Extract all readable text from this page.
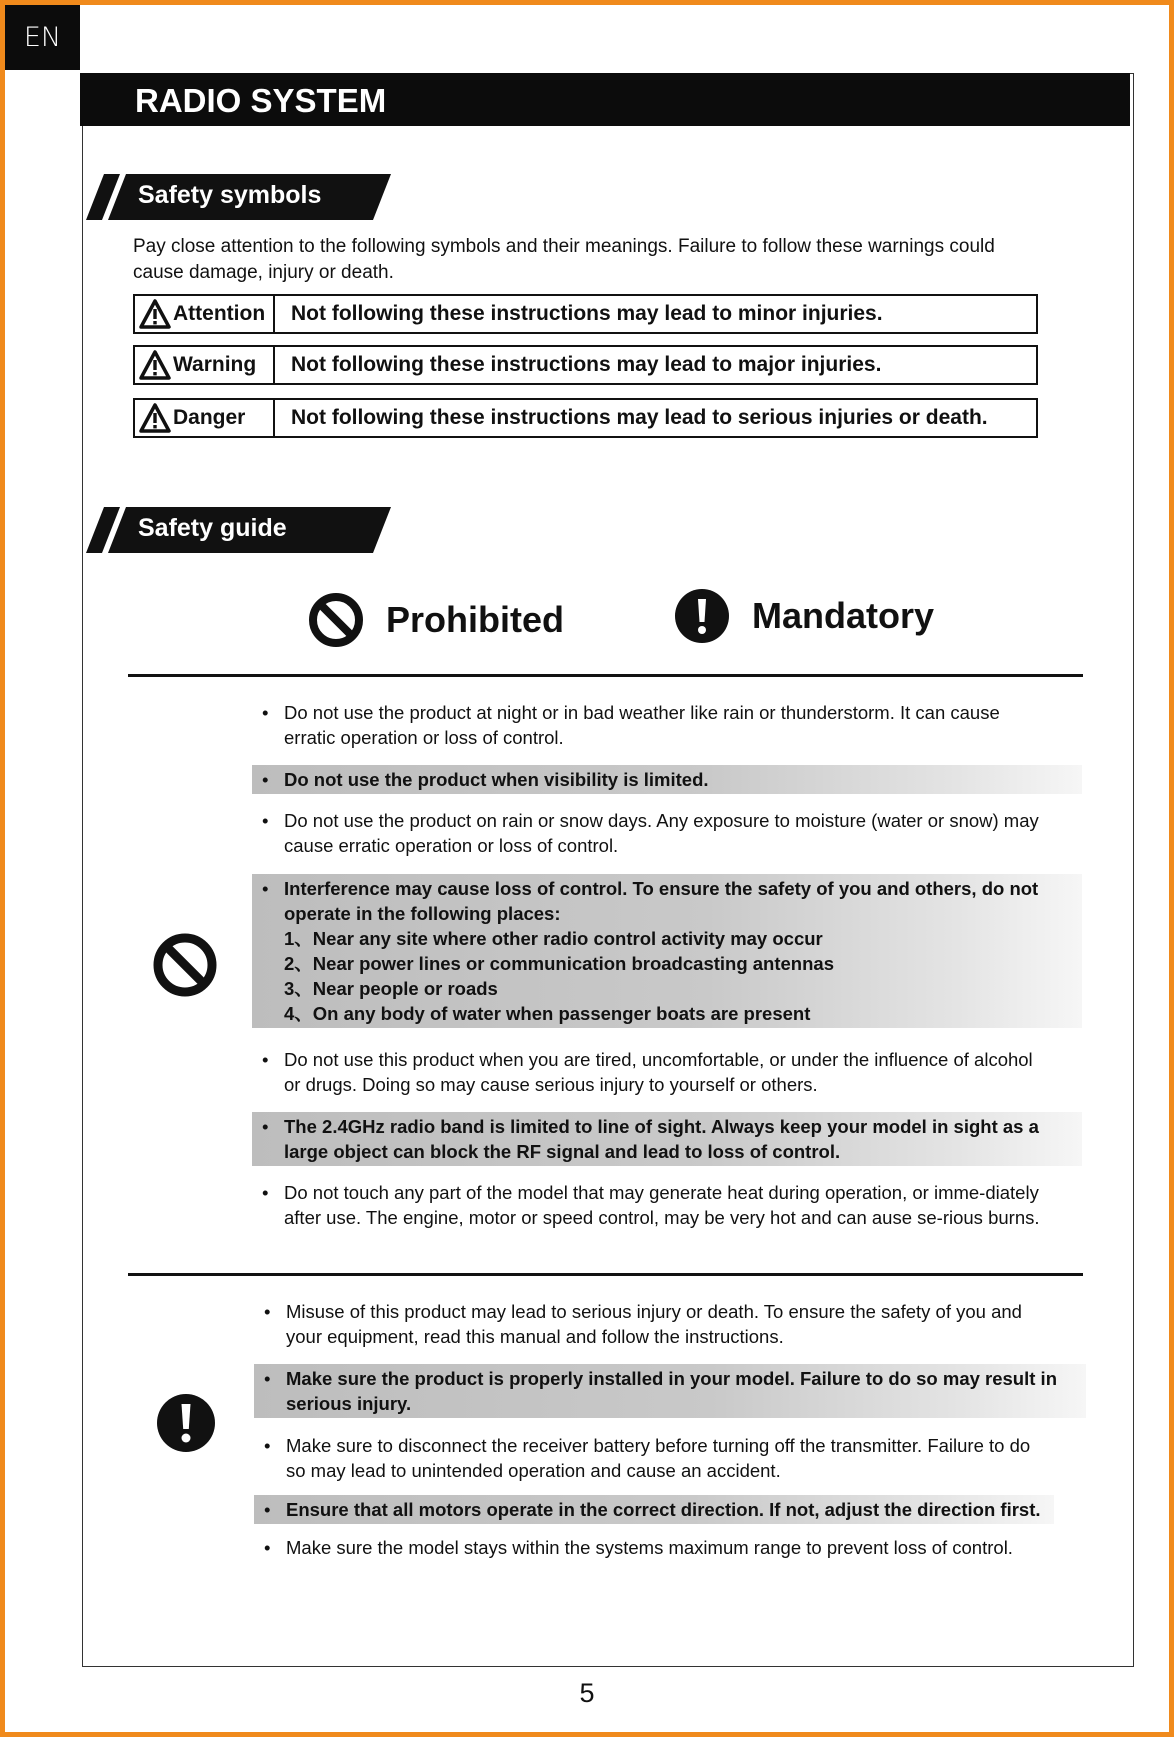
EN
RADIO SYSTEM
Safety symbols
Pay close attention to the following symbols and their meanings. Failure to follow these warnings could cause damage, injury or death.
Attention	Not following these instructions may lead to minor injuries.
Warning	Not following these instructions may lead to major injuries.
Danger	Not following these instructions may lead to serious injuries or death.
Safety guide
Prohibited	Mandatory
• Do not use the product at night or in bad weather like rain or thunderstorm. It can cause erratic operation or loss of control.
• Do not use the product when visibility is limited.
• Do not use the product on rain or snow days. Any exposure to moisture (water or snow) may cause erratic operation or loss of control.
• Interference may cause loss of control. To ensure the safety of you and others, do not operate in the following places:
1、Near any site where other radio control activity may occur
2、Near power lines or communication broadcasting antennas
3、Near people or roads
4、On any body of water when passenger boats are present
• Do not use this product when you are tired, uncomfortable, or under the influence of alcohol or drugs. Doing so may cause serious injury to yourself or others.
• The 2.4GHz radio band is limited to line of sight. Always keep your model in sight as a large object can block the RF signal and lead to loss of control.
• Do not touch any part of the model that may generate heat during operation, or imme-diately after use. The engine, motor or speed control, may be very hot and can ause se-rious burns.
• Misuse of this product may lead to serious injury or death. To ensure the safety of you and your equipment, read this manual and follow the instructions.
• Make sure the product is properly installed in your model. Failure to do so may result in serious injury.
• Make sure to disconnect the receiver battery before turning off the transmitter. Failure to do so may lead to unintended operation and cause an accident.
• Ensure that all motors operate in the correct direction. If not, adjust the direction first.
• Make sure the model stays within the systems maximum range to prevent loss of control.
5
